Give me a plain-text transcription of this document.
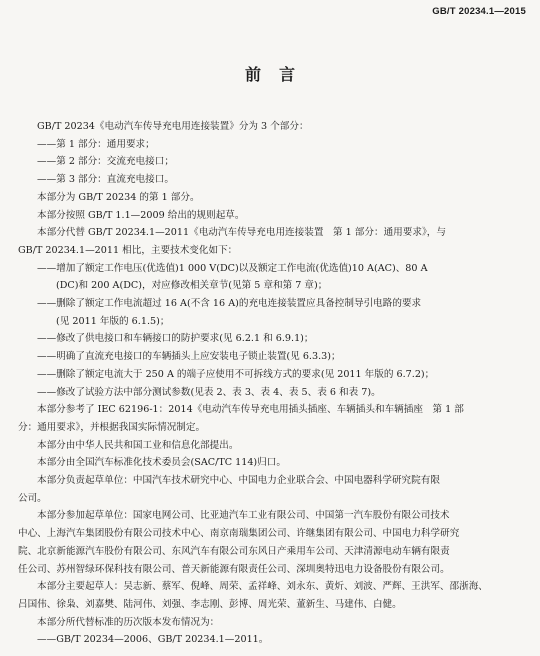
GB/T 20234.1—2015
前言

GB/T 20234《电动汽车传导充电用连接装置》分为 3 个部分：

——第 1 部分：通用要求；

——第 2 部分：交流充电接口；

——第 3 部分：直流充电接口。

本部分为 GB/T 20234 的第 1 部分。

本部分按照 GB/T 1.1—2009 给出的规则起草。

本部分代替 GB/T 20234.1—2011《电动汽车传导充电用连接装置　第 1 部分：通用要求》，与

GB/T 20234.1—2011 相比，主要技术变化如下：

——增加了额定工作电压(优选值)1 000 V(DC)以及额定工作电流(优选值)10 A(AC)、80 A

(DC)和 200 A(DC)，对应修改相关章节(见第 5 章和第 7 章)；

——删除了额定工作电流超过 16 A(不含 16 A)的充电连接装置应具备控制导引电路的要求

(见 2011 年版的 6.1.5)；

——修改了供电接口和车辆接口的防护要求(见 6.2.1 和 6.9.1)；

——明确了直流充电接口的车辆插头上应安装电子锁止装置(见 6.3.3)；

——删除了额定电流大于 250 A 的端子应使用不可拆线方式的要求(见 2011 年版的 6.7.2)；

——修改了试验方法中部分测试参数(见表 2、表 3、表 4、表 5、表 6 和表 7)。

本部分参考了 IEC 62196-1：2014《电动汽车传导充电用插头插座、车辆插头和车辆插座　第 1 部

分：通用要求》，并根据我国实际情况制定。

本部分由中华人民共和国工业和信息化部提出。

本部分由全国汽车标准化技术委员会(SAC/TC 114)归口。

本部分负责起草单位：中国汽车技术研究中心、中国电力企业联合会、中国电器科学研究院有限

公司。

本部分参加起草单位：国家电网公司、比亚迪汽车工业有限公司、中国第一汽车股份有限公司技术

中心、上海汽车集团股份有限公司技术中心、南京南瑞集团公司、许继集团有限公司、中国电力科学研究

院、北京新能源汽车股份有限公司、东风汽车有限公司东风日产乘用车公司、天津清源电动车辆有限责

任公司、苏州智绿环保科技有限公司、普天新能源有限责任公司、深圳奥特迅电力设备股份有限公司。

本部分主要起草人：吴志新、蔡军、倪峰、周荣、孟祥峰、刘永东、黄炘、刘波、严辉、王洪军、邵浙海、

吕国伟、徐枭、刘嘉樊、陆河伟、刘强、李志刚、彭博、周光荣、董新生、马建伟、白健。

本部分所代替标准的历次版本发布情况为：

——GB/T 20234—2006、GB/T 20234.1—2011。
